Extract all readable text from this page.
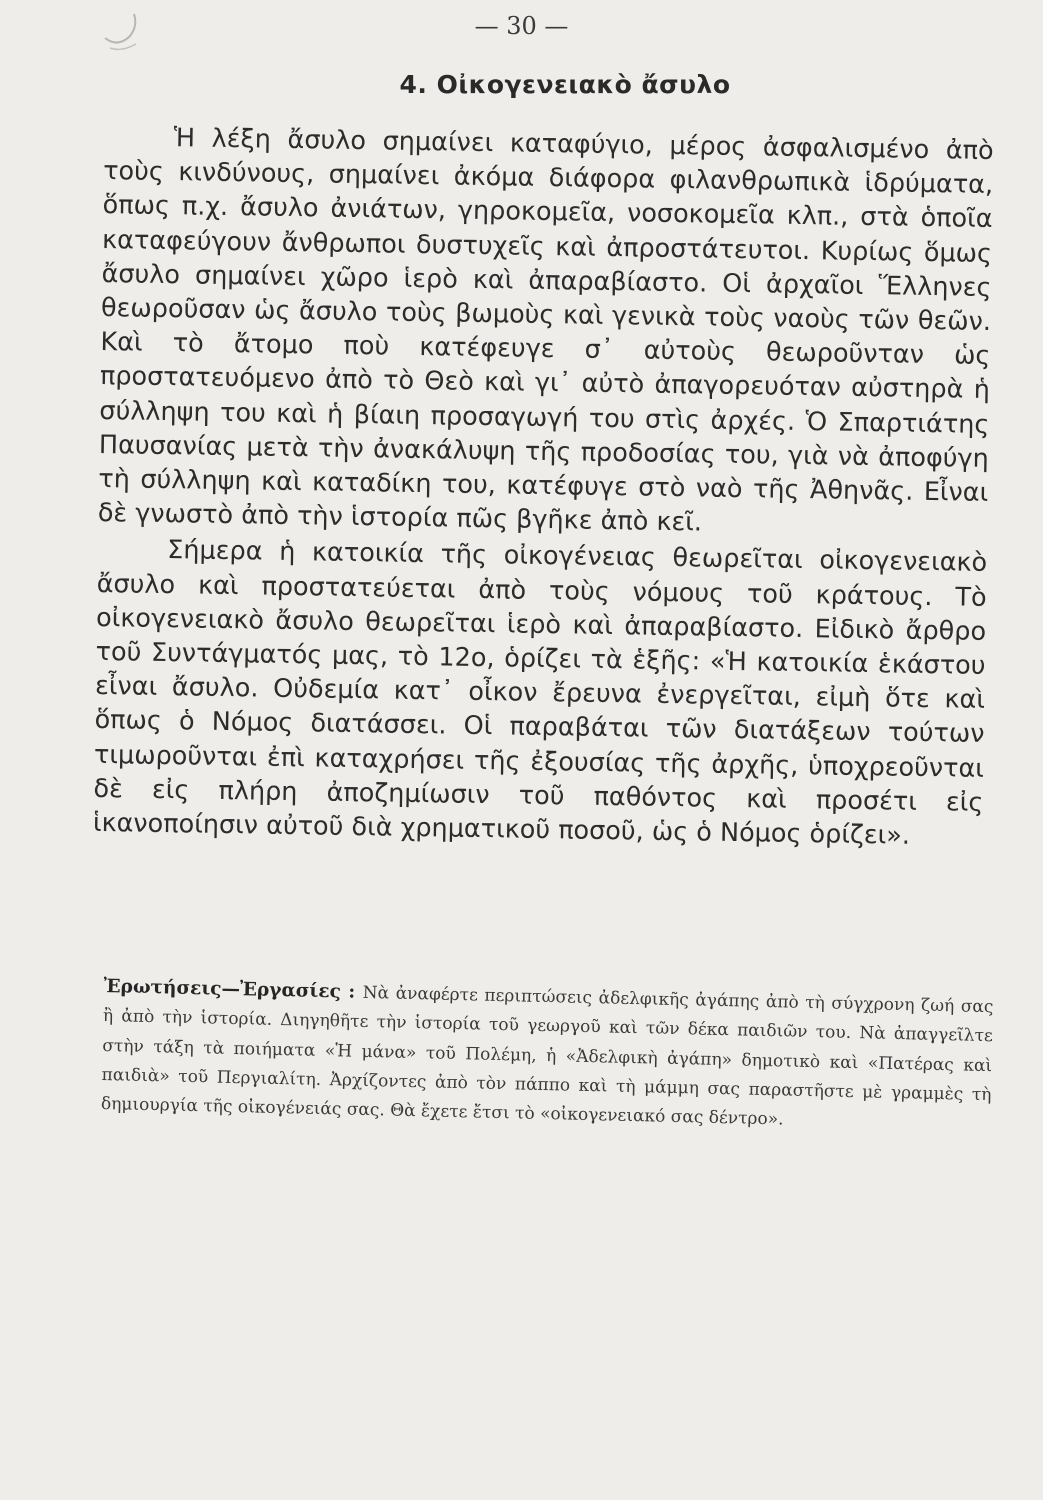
— 30 —
4. Οἰκογενειακὸ ἄσυλο

Ἡ λέξη ἄσυλο σημαίνει καταφύγιο, μέρος ἀσφαλισμένο ἀπὸ τοὺς κινδύνους, σημαίνει ἀκόμα διάφορα φιλανθρωπικὰ ἱδρύματα, ὅπως π.χ. ἄσυλο ἀνιάτων, γηροκομεῖα, νοσοκομεῖα κλπ., στὰ ὁποῖα καταφεύγουν ἄνθρωποι δυστυχεῖς καὶ ἀπροστάτευτοι. Κυρίως ὅμως ἄσυλο σημαίνει χῶρο ἱερὸ καὶ ἀπαραβίαστο. Οἱ ἀρχαῖοι Ἕλληνες θεωροῦσαν ὡς ἄσυλο τοὺς βωμοὺς καὶ γενικὰ τοὺς ναοὺς τῶν θεῶν. Καὶ τὸ ἄτομο ποὺ κατέφευγε σ᾿ αὐτοὺς θεωροῦνταν ὡς προστατευόμενο ἀπὸ τὸ Θεὸ καὶ γι᾿ αὐτὸ ἀπαγορευόταν αὐστηρὰ ἡ σύλληψη του καὶ ἡ βίαιη προσαγωγή του στὶς ἀρχές. Ὁ Σπαρτιάτης Παυσανίας μετὰ τὴν ἀνακάλυψη τῆς προδοσίας του, γιὰ νὰ ἀποφύγη τὴ σύλληψη καὶ καταδίκη του, κατέφυγε στὸ ναὸ τῆς Ἀθηνᾶς. Εἶναι δὲ γνωστὸ ἀπὸ τὴν ἱστορία πῶς βγῆκε ἀπὸ κεῖ.

Σήμερα ἡ κατοικία τῆς οἰκογένειας θεωρεῖται οἰκογενειακὸ ἄσυλο καὶ προστατεύεται ἀπὸ τοὺς νόμους τοῦ κράτους. Τὸ οἰκογενειακὸ ἄσυλο θεωρεῖται ἱερὸ καὶ ἀπαραβίαστο. Εἰδικὸ ἄρθρο τοῦ Συντάγματός μας, τὸ 12ο, ὁρίζει τὰ ἑξῆς: «Ἡ κατοικία ἑκάστου εἶναι ἄσυλο. Οὐδεμία κατ᾿ οἶκον ἔρευνα ἐνεργεῖται, εἰμὴ ὅτε καὶ ὅπως ὁ Νόμος διατάσσει. Οἱ παραβάται τῶν διατάξεων τούτων τιμωροῦνται ἐπὶ καταχρήσει τῆς ἐξουσίας τῆς ἀρχῆς, ὑποχρεοῦνται δὲ εἰς πλήρη ἀποζημίωσιν τοῦ παθόντος καὶ προσέτι εἰς ἱκανοποίησιν αὐτοῦ διὰ χρηματικοῦ ποσοῦ, ὡς ὁ Νόμος ὁρίζει».

Ἐρωτήσεις—Ἐργασίες : Νὰ ἀναφέρτε περιπτώσεις ἀδελφικῆς ἀγάπης ἀπὸ τὴ σύγχρονη ζωή σας ἢ ἀπὸ τὴν ἱστορία. Διηγηθῆτε τὴν ἱστορία τοῦ γεωργοῦ καὶ τῶν δέκα παιδιῶν του. Νὰ ἀπαγγεῖλτε στὴν τάξη τὰ ποιήματα «Ἡ μάνα» τοῦ Πολέμη, ἡ «Ἀδελφικὴ ἀγάπη» δημοτικὸ καὶ «Πατέρας καὶ παιδιὰ» τοῦ Περγιαλίτη. Ἀρχίζοντες ἀπὸ τὸν πάππο καὶ τὴ μάμμη σας παραστῆστε μὲ γραμμὲς τὴ δημιουργία τῆς οἰκογένειάς σας. Θὰ ἔχετε ἔτσι τὸ «οἰκογενειακό σας δέντρο».
